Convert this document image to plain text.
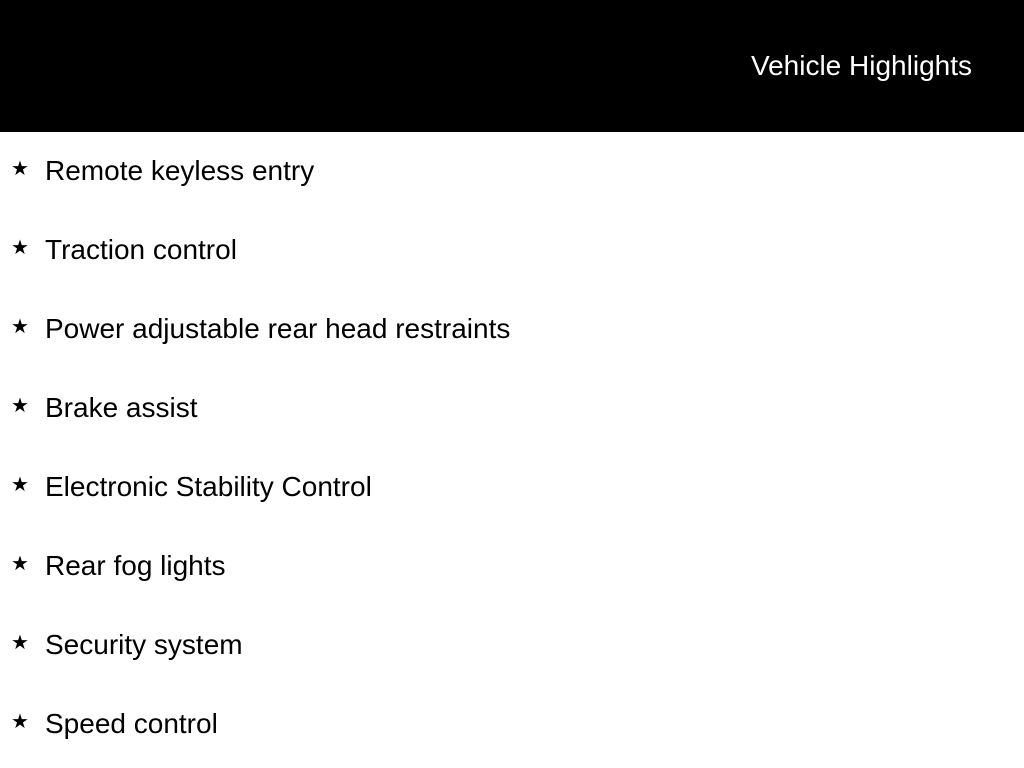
Vehicle Highlights
★ Remote keyless entry
★ Traction control
★ Power adjustable rear head restraints
★ Brake assist
★ Electronic Stability Control
★ Rear fog lights
★ Security system
★ Speed control
